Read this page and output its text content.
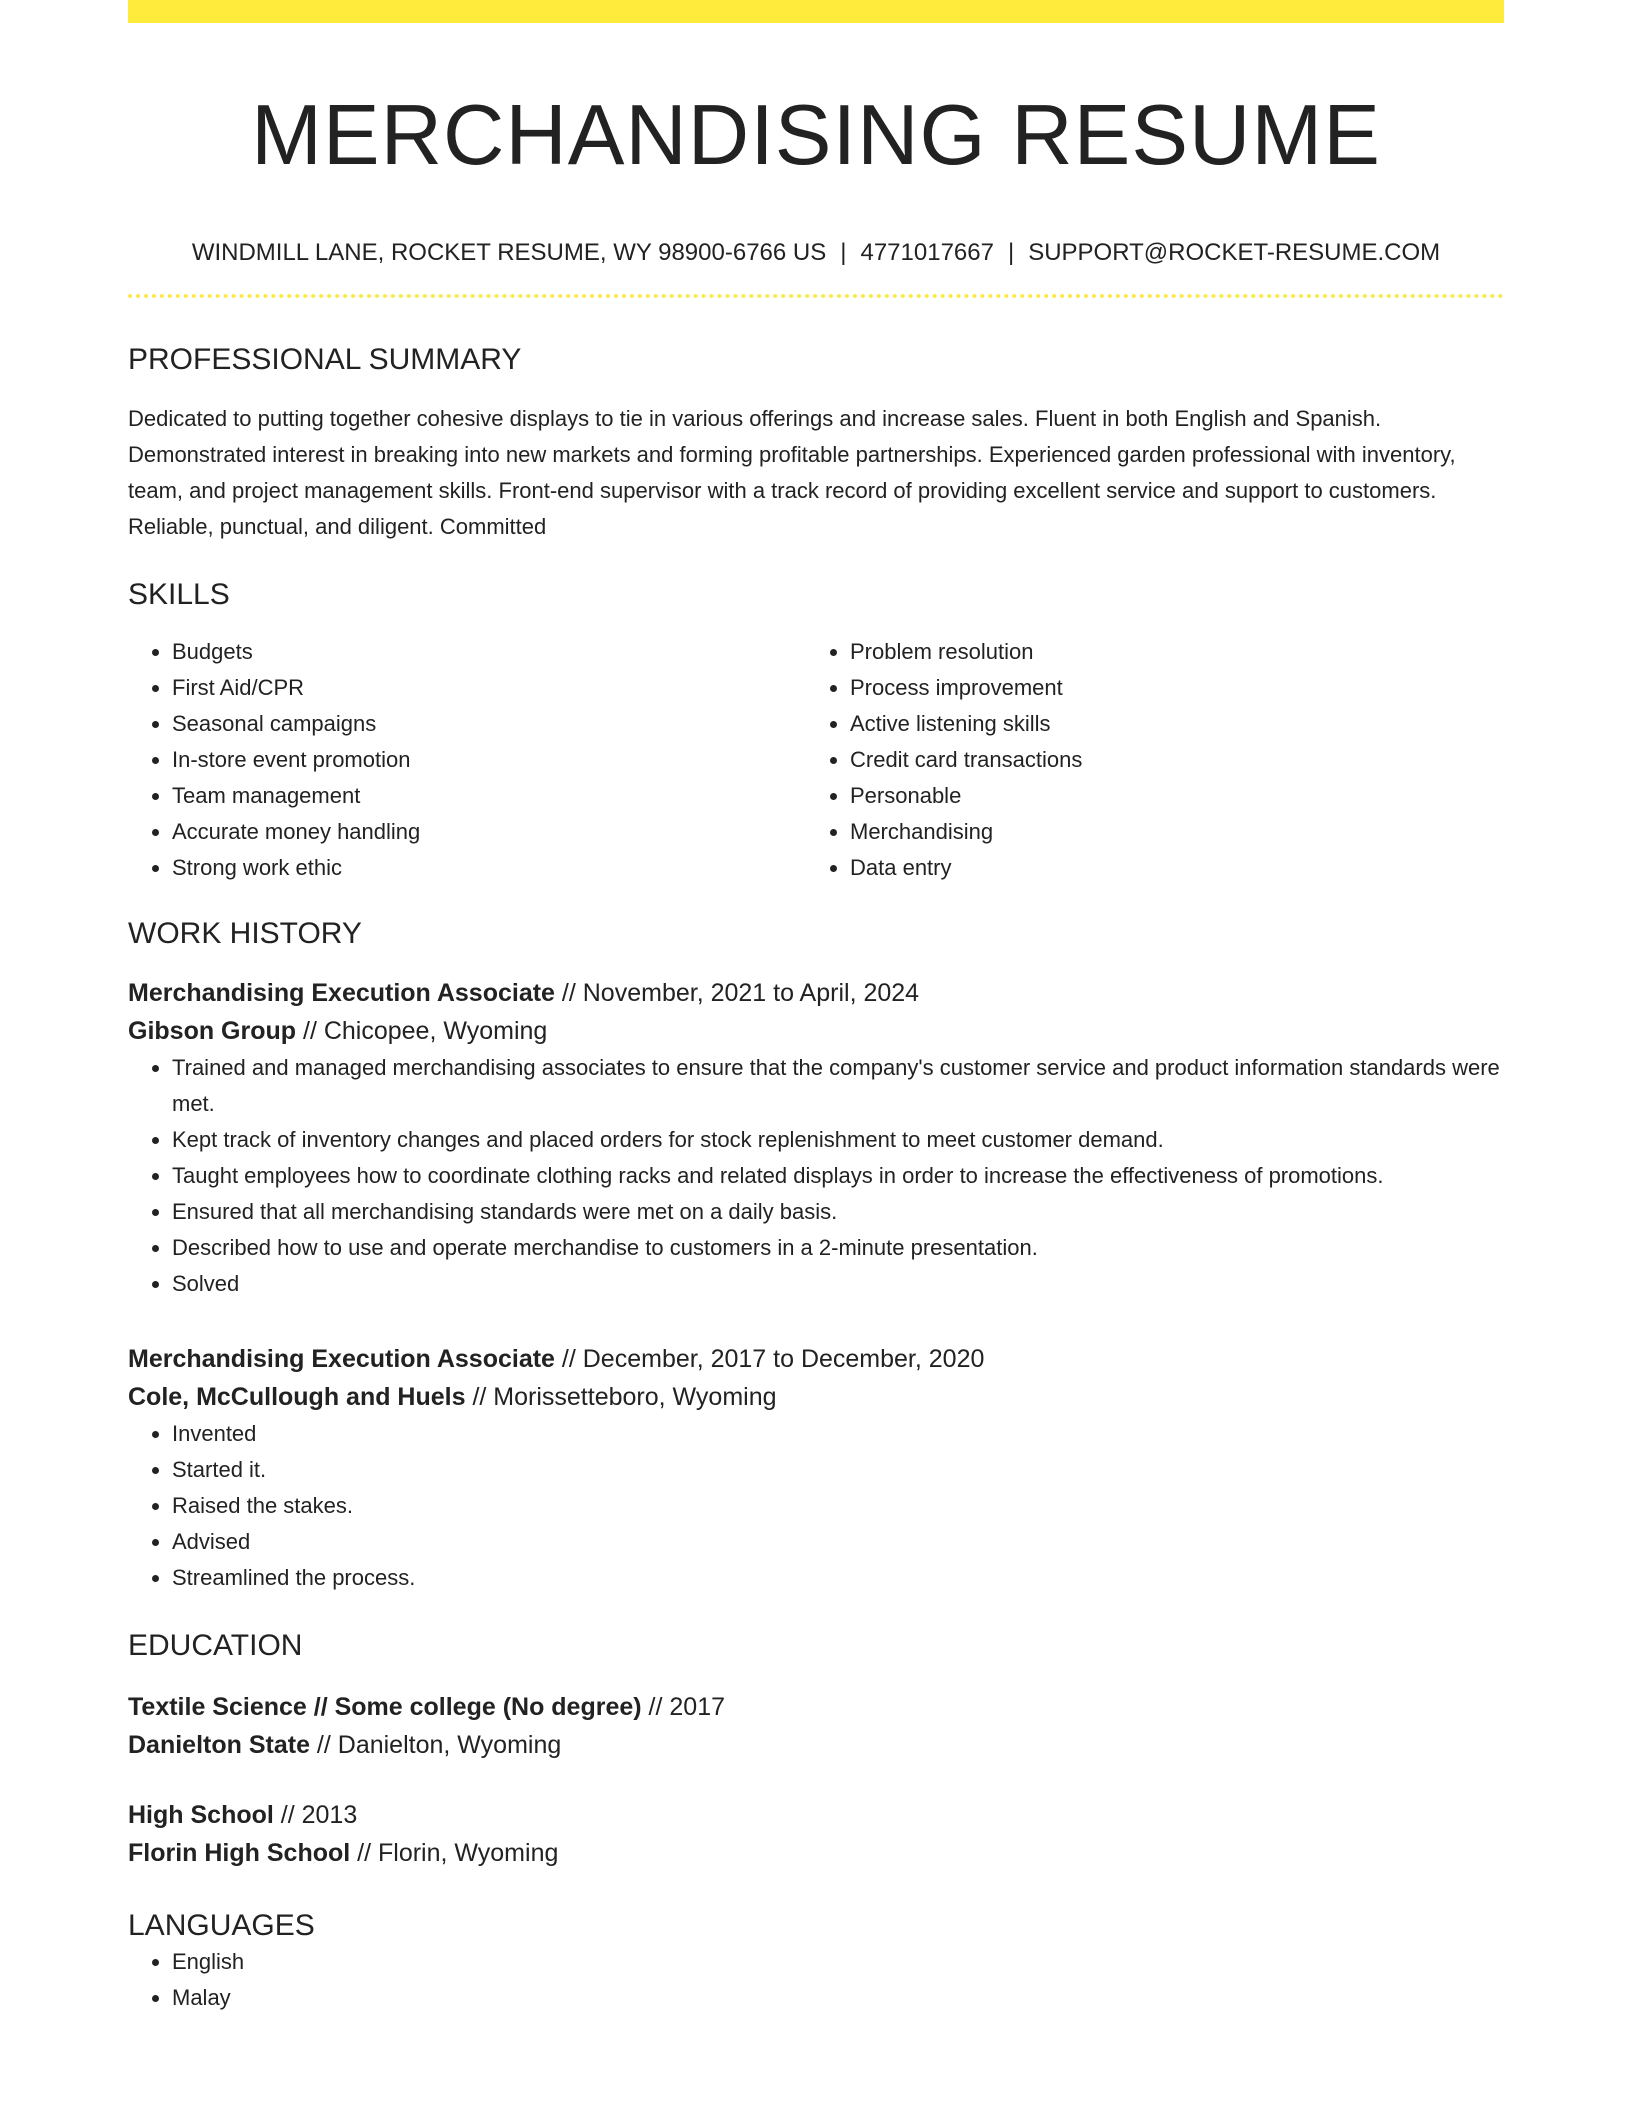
MERCHANDISING RESUME
WINDMILL LANE, ROCKET RESUME, WY 98900-6766 US | 4771017667 | SUPPORT@ROCKET-RESUME.COM
PROFESSIONAL SUMMARY

Dedicated to putting together cohesive displays to tie in various offerings and increase sales. Fluent in both English and Spanish. Demonstrated interest in breaking into new markets and forming profitable partnerships. Experienced garden professional with inventory, team, and project management skills. Front-end supervisor with a track record of providing excellent service and support to customers. Reliable, punctual, and diligent. Committed

SKILLS
• Budgets
• First Aid/CPR
• Seasonal campaigns
• In-store event promotion
• Team management
• Accurate money handling
• Strong work ethic
• Problem resolution
• Process improvement
• Active listening skills
• Credit card transactions
• Personable
• Merchandising
• Data entry
WORK HISTORY
Merchandising Execution Associate // November, 2021 to April, 2024
Gibson Group // Chicopee, Wyoming
• Trained and managed merchandising associates to ensure that the company's customer service and product information standards were met.
• Kept track of inventory changes and placed orders for stock replenishment to meet customer demand.
• Taught employees how to coordinate clothing racks and related displays in order to increase the effectiveness of promotions.
• Ensured that all merchandising standards were met on a daily basis.
• Described how to use and operate merchandise to customers in a 2-minute presentation.
• Solved
Merchandising Execution Associate // December, 2017 to December, 2020
Cole, McCullough and Huels // Morissetteboro, Wyoming
• Invented
• Started it.
• Raised the stakes.
• Advised
• Streamlined the process.
EDUCATION
Textile Science // Some college (No degree) // 2017
Danielton State // Danielton, Wyoming
High School // 2013
Florin High School // Florin, Wyoming
LANGUAGES
• English
• Malay
